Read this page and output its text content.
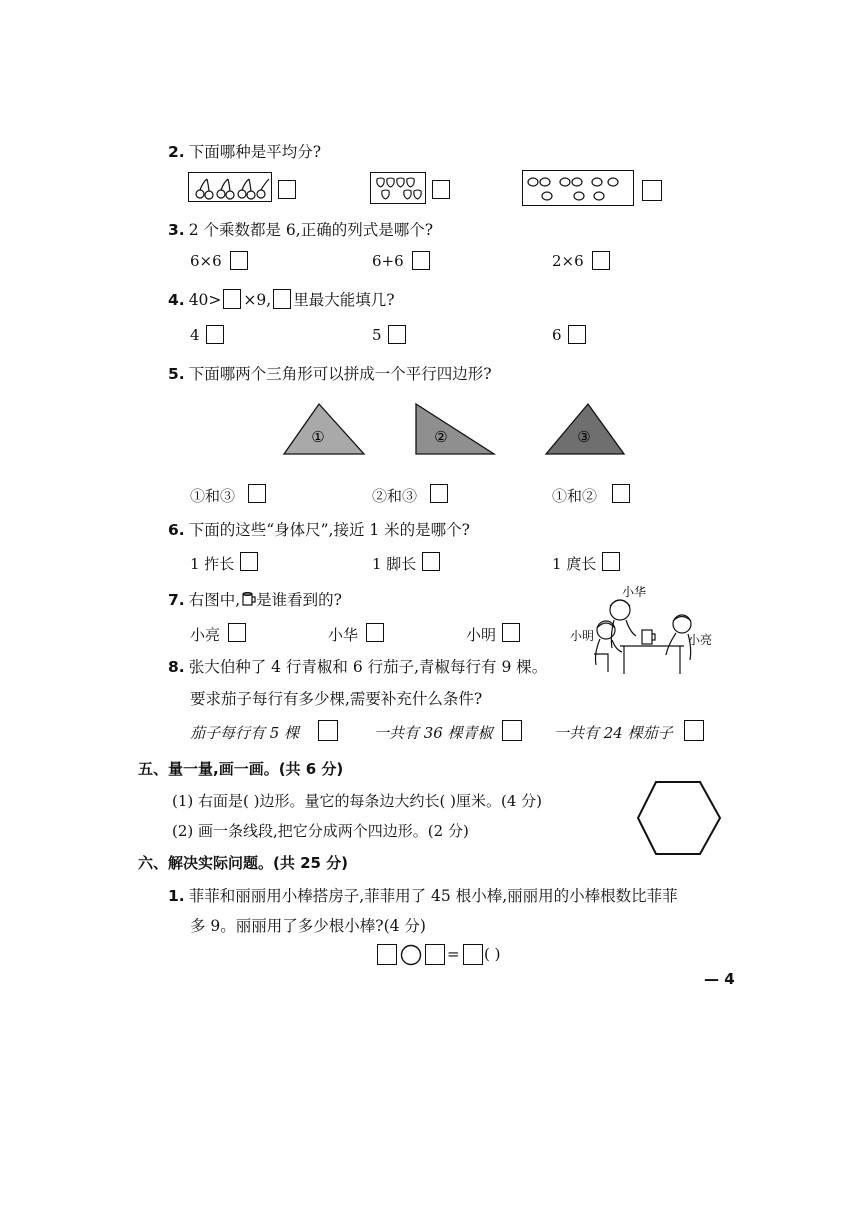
2. 下面哪种是平均分?
3. 2 个乘数都是 6,正确的列式是哪个?
6×6	6+6	2×6
4. 40> ×9, 里最大能填几?
4	5	6
5. 下面哪两个三角形可以拼成一个平行四边形?
①	②	③
①和③	②和③	①和②
6. 下面的这些“身体尺”,接近 1 米的是哪个?
1 拃长	1 脚长	1 庹长
7. 右图中, 是谁看到的?
小亮	小华	小明
小华
小明	小亮
8. 张大伯种了 4 行青椒和 6 行茄子,青椒每行有 9 棵。
要求茄子每行有多少棵,需要补充什么条件?
茄子每行有 5 棵	一共有 36 棵青椒	一共有 24 棵茄子
五、量一量,画一画。(共 6 分)
(1) 右面是( )边形。量它的每条边大约长( )厘米。(4 分)
(2) 画一条线段,把它分成两个四边形。(2 分)
六、解决实际问题。(共 25 分)
1. 菲菲和丽丽用小棒搭房子,菲菲用了 45 根小棒,丽丽用的小棒根数比菲菲
多 9。丽丽用了多少根小棒?(4 分)
= ( )
— 4
